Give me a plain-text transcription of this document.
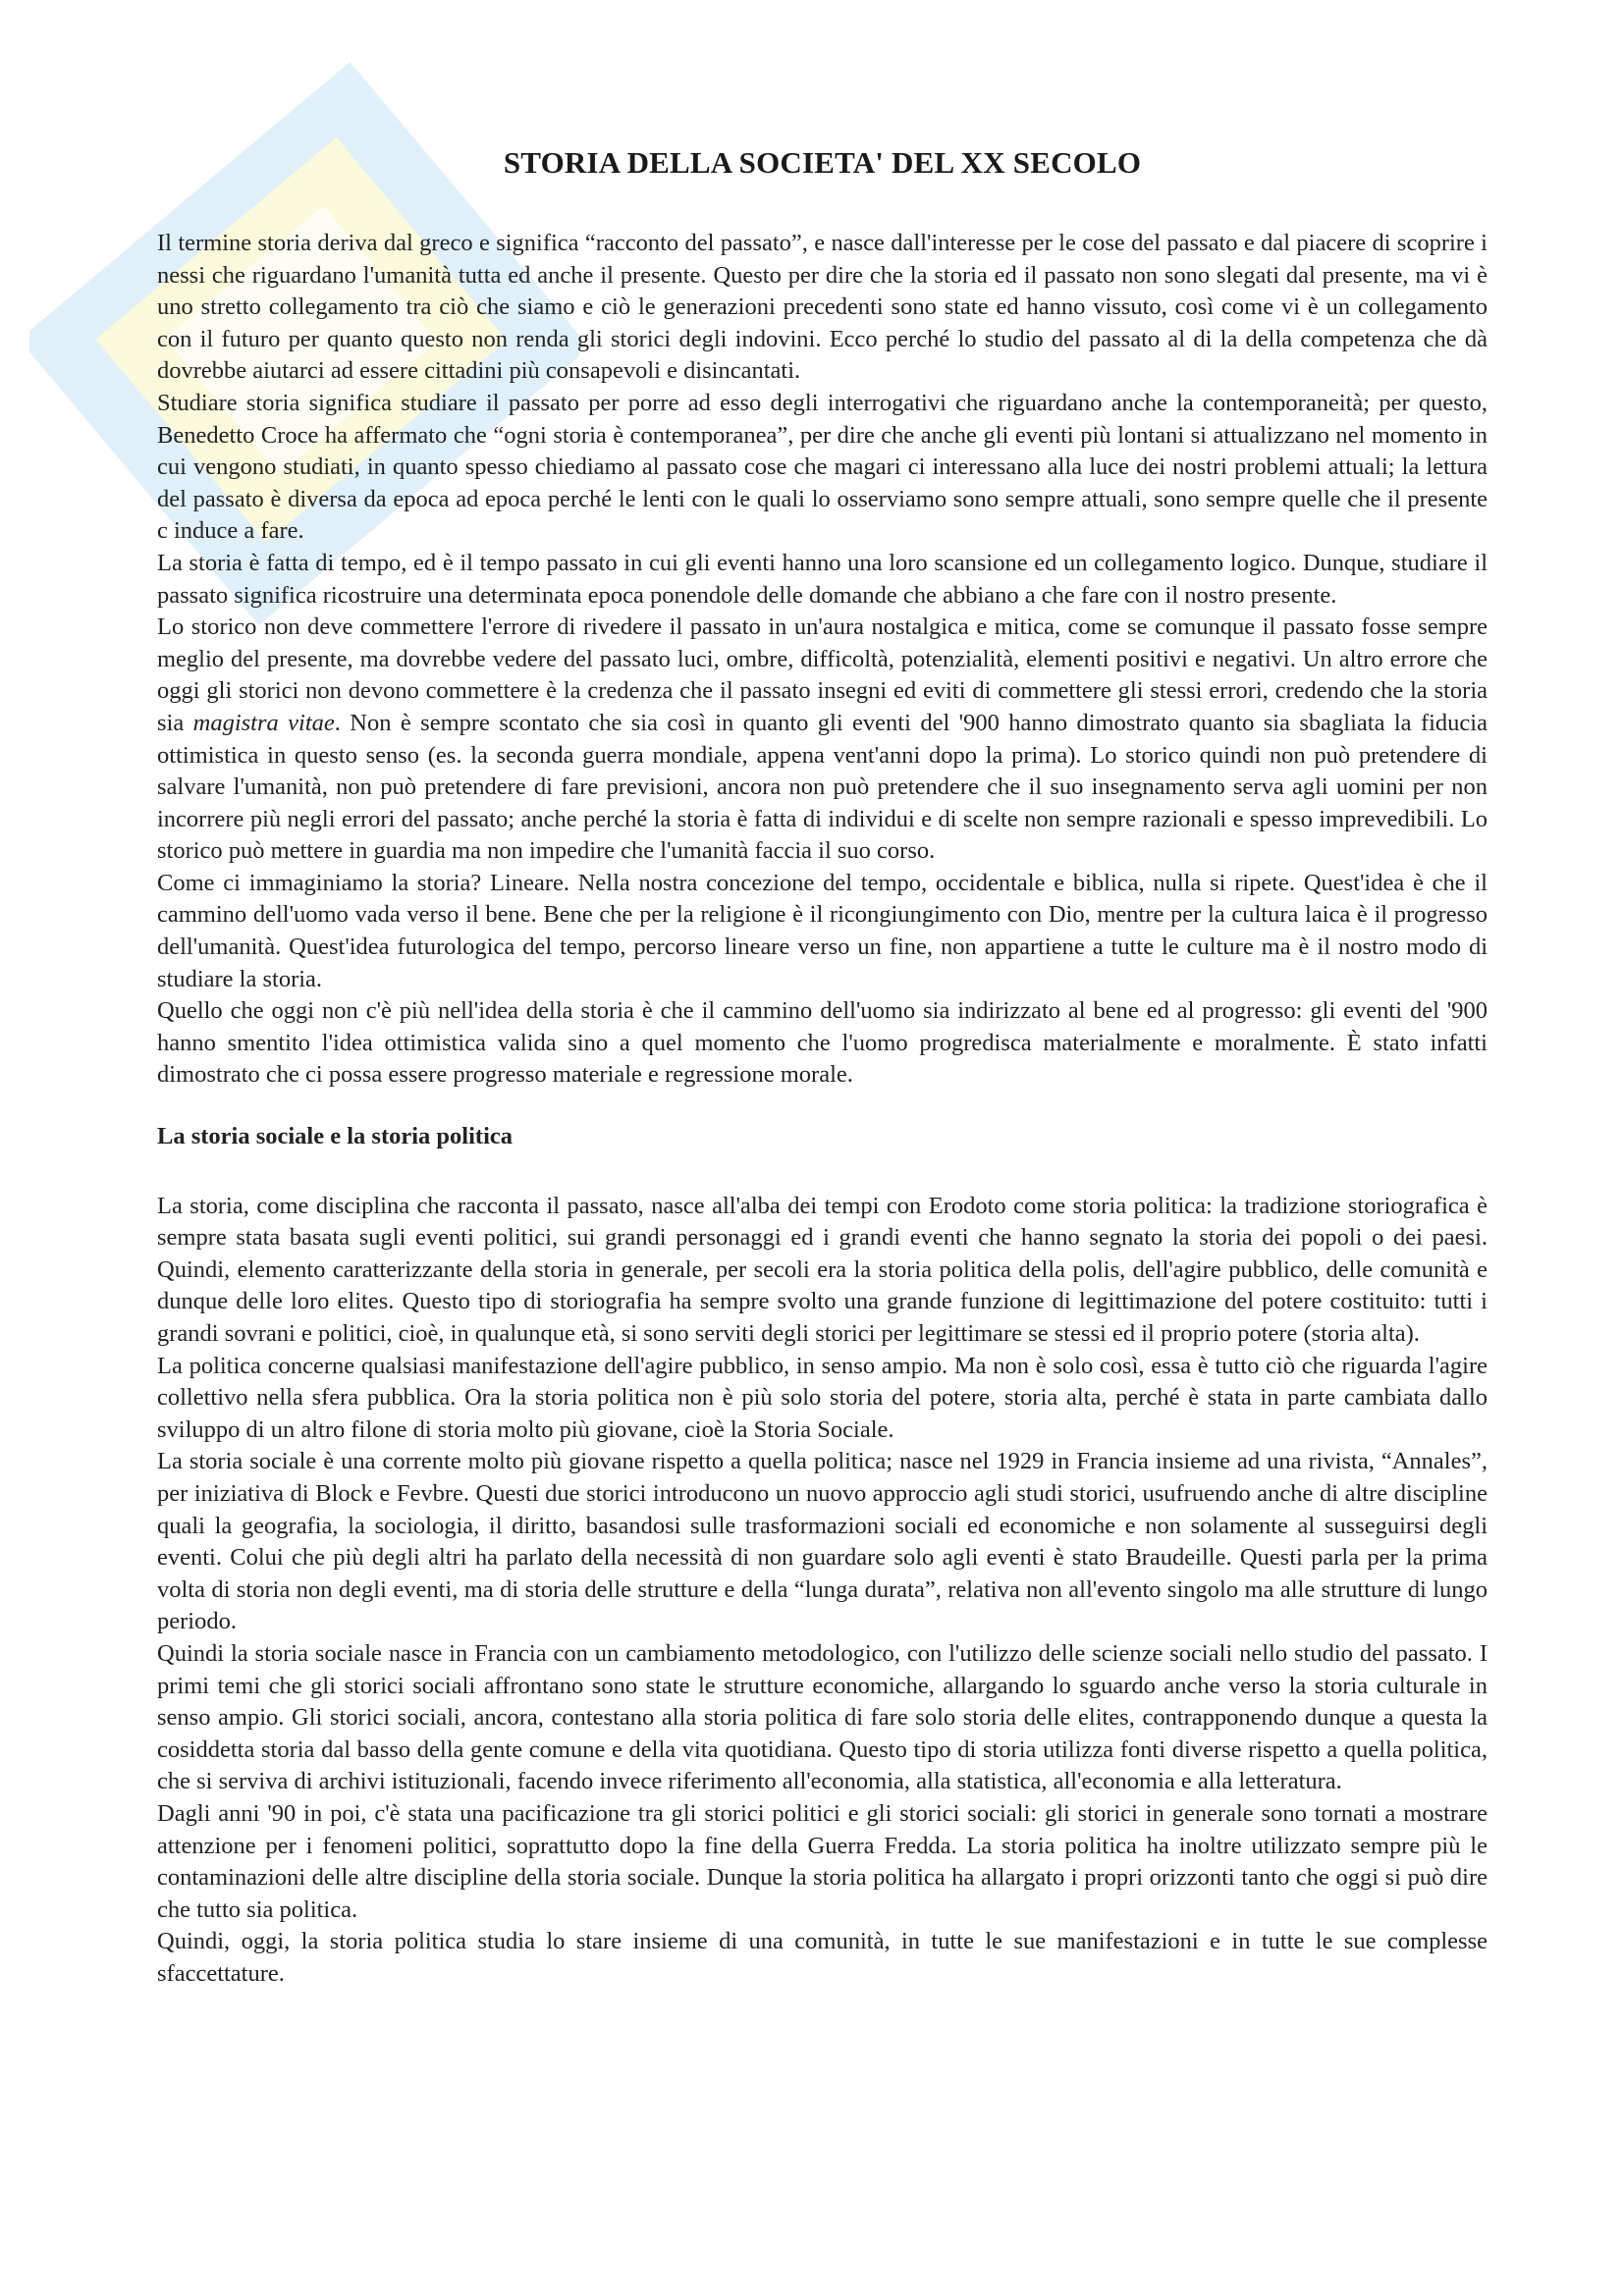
STORIA DELLA SOCIETA' DEL XX SECOLO

Il termine storia deriva dal greco e significa “racconto del passato”, e nasce dall'interesse per le cose del passato e dal piacere di scoprire i nessi che riguardano l'umanità tutta ed anche il presente. Questo per dire che la storia ed il passato non sono slegati dal presente, ma vi è uno stretto collegamento tra ciò che siamo e ciò le generazioni precedenti sono state ed hanno vissuto, così come vi è un collegamento con il futuro per quanto questo non renda gli storici degli indovini. Ecco perché lo studio del passato al di la della competenza che dà dovrebbe aiutarci ad essere cittadini più consapevoli e disincantati.

Studiare storia significa studiare il passato per porre ad esso degli interrogativi che riguardano anche la contemporaneità; per questo, Benedetto Croce ha affermato che “ogni storia è contemporanea”, per dire che anche gli eventi più lontani si attualizzano nel momento in cui vengono studiati, in quanto spesso chiediamo al passato cose che magari ci interessano alla luce dei nostri problemi attuali; la lettura del passato è diversa da epoca ad epoca perché le lenti con le quali lo osserviamo sono sempre attuali, sono sempre quelle che il presente c induce a fare.

La storia è fatta di tempo, ed è il tempo passato in cui gli eventi hanno una loro scansione ed un collegamento logico. Dunque, studiare il passato significa ricostruire una determinata epoca ponendole delle domande che abbiano a che fare con il nostro presente.

Lo storico non deve commettere l'errore di rivedere il passato in un'aura nostalgica e mitica, come se comunque il passato fosse sempre meglio del presente, ma dovrebbe vedere del passato luci, ombre, difficoltà, potenzialità, elementi positivi e negativi. Un altro errore che oggi gli storici non devono commettere è la credenza che il passato insegni ed eviti di commettere gli stessi errori, credendo che la storia sia magistra vitae. Non è sempre scontato che sia così in quanto gli eventi del '900 hanno dimostrato quanto sia sbagliata la fiducia ottimistica in questo senso (es. la seconda guerra mondiale, appena vent'anni dopo la prima). Lo storico quindi non può pretendere di salvare l'umanità, non può pretendere di fare previsioni, ancora non può pretendere che il suo insegnamento serva agli uomini per non incorrere più negli errori del passato; anche perché la storia è fatta di individui e di scelte non sempre razionali e spesso imprevedibili. Lo storico può mettere in guardia ma non impedire che l'umanità faccia il suo corso.

Come ci immaginiamo la storia? Lineare. Nella nostra concezione del tempo, occidentale e biblica, nulla si ripete. Quest'idea è che il cammino dell'uomo vada verso il bene. Bene che per la religione è il ricongiungimento con Dio, mentre per la cultura laica è il progresso dell'umanità. Quest'idea futurologica del tempo, percorso lineare verso un fine, non appartiene a tutte le culture ma è il nostro modo di studiare la storia.

Quello che oggi non c'è più nell'idea della storia è che il cammino dell'uomo sia indirizzato al bene ed al progresso: gli eventi del '900 hanno smentito l'idea ottimistica valida sino a quel momento che l'uomo progredisca materialmente e moralmente. È stato infatti dimostrato che ci possa essere progresso materiale e regressione morale.

La storia sociale e la storia politica

La storia, come disciplina che racconta il passato, nasce all'alba dei tempi con Erodoto come storia politica: la tradizione storiografica è sempre stata basata sugli eventi politici, sui grandi personaggi ed i grandi eventi che hanno segnato la storia dei popoli o dei paesi. Quindi, elemento caratterizzante della storia in generale, per secoli era la storia politica della polis, dell'agire pubblico, delle comunità e dunque delle loro elites. Questo tipo di storiografia ha sempre svolto una grande funzione di legittimazione del potere costituito: tutti i grandi sovrani e politici, cioè, in qualunque età, si sono serviti degli storici per legittimare se stessi ed il proprio potere (storia alta).

La politica concerne qualsiasi manifestazione dell'agire pubblico, in senso ampio. Ma non è solo così, essa è tutto ciò che riguarda l'agire collettivo nella sfera pubblica. Ora la storia politica non è più solo storia del potere, storia alta, perché è stata in parte cambiata dallo sviluppo di un altro filone di storia molto più giovane, cioè la Storia Sociale.

La storia sociale è una corrente molto più giovane rispetto a quella politica; nasce nel 1929 in Francia insieme ad una rivista, “Annales”, per iniziativa di Block e Fevbre. Questi due storici introducono un nuovo approccio agli studi storici, usufruendo anche di altre discipline quali la geografia, la sociologia, il diritto, basandosi sulle trasformazioni sociali ed economiche e non solamente al susseguirsi degli eventi. Colui che più degli altri ha parlato della necessità di non guardare solo agli eventi è stato Braudeille. Questi parla per la prima volta di storia non degli eventi, ma di storia delle strutture e della “lunga durata”, relativa non all'evento singolo ma alle strutture di lungo periodo.

Quindi la storia sociale nasce in Francia con un cambiamento metodologico, con l'utilizzo delle scienze sociali nello studio del passato. I primi temi che gli storici sociali affrontano sono state le strutture economiche, allargando lo sguardo anche verso la storia culturale in senso ampio. Gli storici sociali, ancora, contestano alla storia politica di fare solo storia delle elites, contrapponendo dunque a questa la cosiddetta storia dal basso della gente comune e della vita quotidiana. Questo tipo di storia utilizza fonti diverse rispetto a quella politica, che si serviva di archivi istituzionali, facendo invece riferimento all'economia, alla statistica, all'economia e alla letteratura.

Dagli anni '90 in poi, c'è stata una pacificazione tra gli storici politici e gli storici sociali: gli storici in generale sono tornati a mostrare attenzione per i fenomeni politici, soprattutto dopo la fine della Guerra Fredda. La storia politica ha inoltre utilizzato sempre più le contaminazioni delle altre discipline della storia sociale. Dunque la storia politica ha allargato i propri orizzonti tanto che oggi si può dire che tutto sia politica.

Quindi, oggi, la storia politica studia lo stare insieme di una comunità, in tutte le sue manifestazioni e in tutte le sue complesse sfaccettature.
